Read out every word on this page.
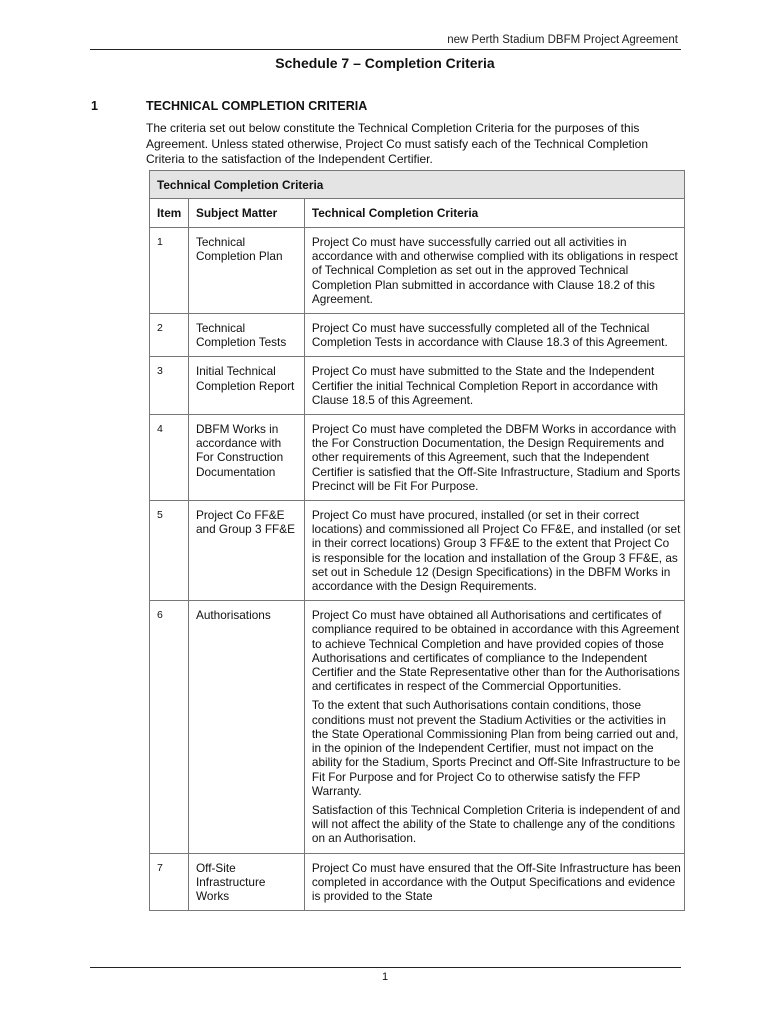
new Perth Stadium DBFM Project Agreement
Schedule 7 – Completion Criteria
1	TECHNICAL COMPLETION CRITERIA
The criteria set out below constitute the Technical Completion Criteria for the purposes of this Agreement. Unless stated otherwise, Project Co must satisfy each of the Technical Completion Criteria to the satisfaction of the Independent Certifier.
Technical Completion Criteria		
Item	Subject Matter	Technical Completion Criteria
1	Technical Completion Plan	Project Co must have successfully carried out all activities in accordance with and otherwise complied with its obligations in respect of Technical Completion as set out in the approved Technical Completion Plan submitted in accordance with Clause 18.2 of this Agreement.

2	Technical Completion Tests	Project Co must have successfully completed all of the Technical Completion Tests in accordance with Clause 18.3 of this Agreement.

3	Initial Technical Completion Report	Project Co must have submitted to the State and the Independent Certifier the initial Technical Completion Report in accordance with Clause 18.5 of this Agreement.

4	DBFM Works in accordance with For Construction Documentation	Project Co must have completed the DBFM Works in accordance with the For Construction Documentation, the Design Requirements and other requirements of this Agreement, such that the Independent Certifier is satisfied that the Off-Site Infrastructure, Stadium and Sports Precinct will be Fit For Purpose.

5	Project Co FF&E and Group 3 FF&E	Project Co must have procured, installed (or set in their correct locations) and commissioned all Project Co FF&E, and installed (or set in their correct locations) Group 3 FF&E to the extent that Project Co is responsible for the location and installation of the Group 3 FF&E, as set out in Schedule 12 (Design Specifications) in the DBFM Works in accordance with the Design Requirements.

6	Authorisations	Project Co must have obtained all Authorisations and certificates of compliance required to be obtained in accordance with this Agreement to achieve Technical Completion and have provided copies of those Authorisations and certificates of compliance to the Independent Certifier and the State Representative other than for the Authorisations and certificates in respect of the Commercial Opportunities.

To the extent that such Authorisations contain conditions, those conditions must not prevent the Stadium Activities or the activities in the State Operational Commissioning Plan from being carried out and, in the opinion of the Independent Certifier, must not impact on the ability for the Stadium, Sports Precinct and Off-Site Infrastructure to be Fit For Purpose and for Project Co to otherwise satisfy the FFP Warranty.

Satisfaction of this Technical Completion Criteria is independent of and will not affect the ability of the State to challenge any of the conditions on an Authorisation.

7	Off-Site Infrastructure Works	Project Co must have ensured that the Off-Site Infrastructure has been completed in accordance with the Output Specifications and evidence is provided to the State

1
